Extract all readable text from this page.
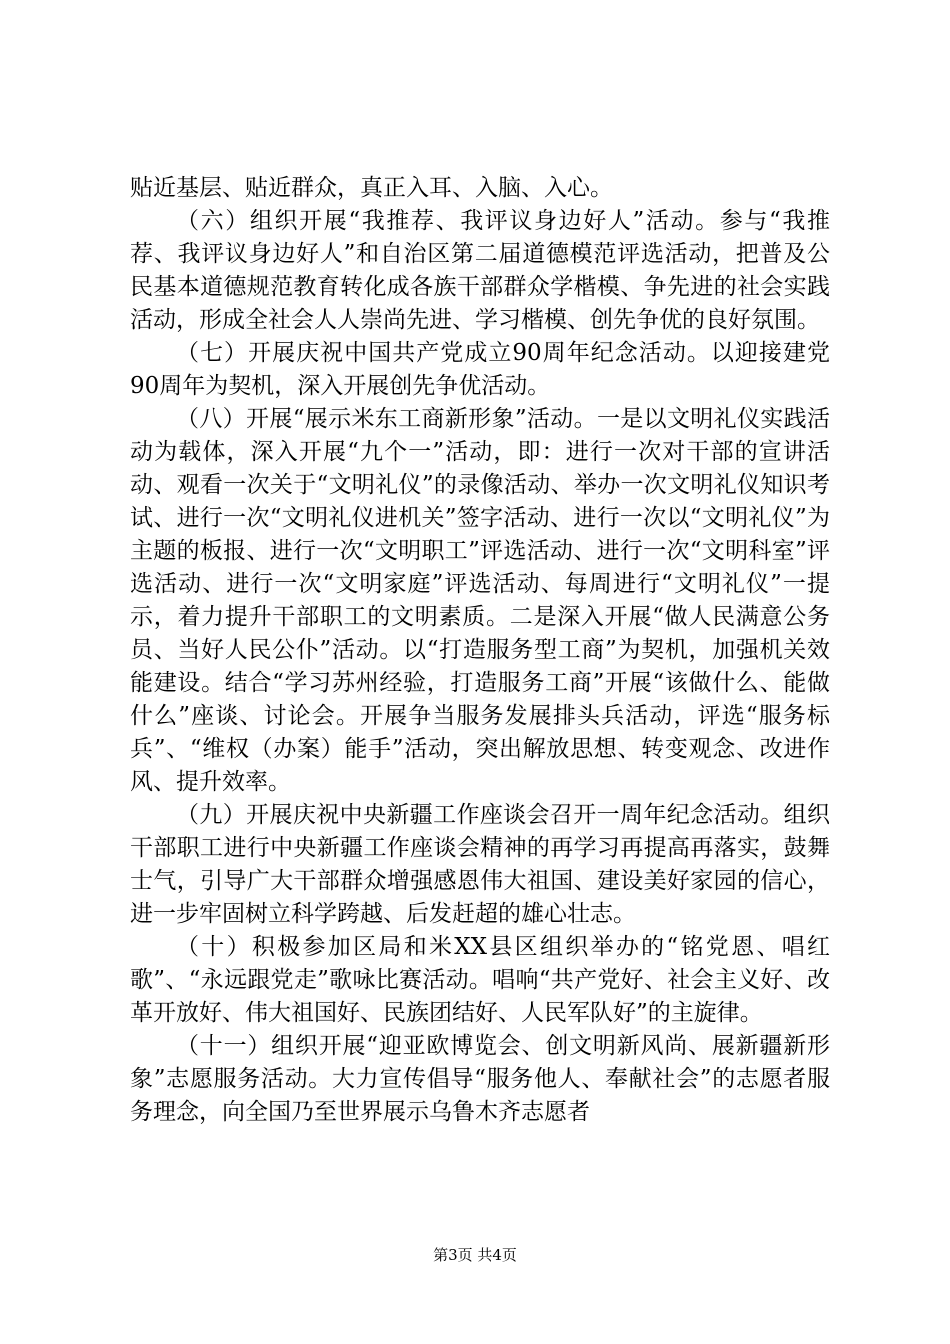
贴近基层、贴近群众，真正入耳、入脑、入心。

（六）组织开展“我推荐、我评议身边好人”活动。参与“我推荐、我评议身边好人”和自治区第二届道德模范评选活动，把普及公民基本道德规范教育转化成各族干部群众学楷模、争先进的社会实践活动，形成全社会人人崇尚先进、学习楷模、创先争优的良好氛围。

（七）开展庆祝中国共产党成立90周年纪念活动。以迎接建党90周年为契机，深入开展创先争优活动。

（八）开展“展示米东工商新形象”活动。一是以文明礼仪实践活动为载体，深入开展“九个一”活动，即：进行一次对干部的宣讲活动、观看一次关于“文明礼仪”的录像活动、举办一次文明礼仪知识考试、进行一次“文明礼仪进机关”签字活动、进行一次以“文明礼仪”为主题的板报、进行一次“文明职工”评选活动、进行一次“文明科室”评选活动、进行一次“文明家庭”评选活动、每周进行“文明礼仪”一提示，着力提升干部职工的文明素质。二是深入开展“做人民满意公务员、当好人民公仆”活动。以“打造服务型工商”为契机，加强机关效能建设。结合“学习苏州经验，打造服务工商”开展“该做什么、能做什么”座谈、讨论会。开展争当服务发展排头兵活动，评选“服务标兵”、“维权（办案）能手”活动，突出解放思想、转变观念、改进作风、提升效率。

（九）开展庆祝中央新疆工作座谈会召开一周年纪念活动。组织干部职工进行中央新疆工作座谈会精神的再学习再提高再落实，鼓舞士气，引导广大干部群众增强感恩伟大祖国、建设美好家园的信心，进一步牢固树立科学跨越、后发赶超的雄心壮志。

（十）积极参加区局和米XX县区组织举办的“铭党恩、唱红歌”、“永远跟党走”歌咏比赛活动。唱响“共产党好、社会主义好、改革开放好、伟大祖国好、民族团结好、人民军队好”的主旋律。

（十一）组织开展“迎亚欧博览会、创文明新风尚、展新疆新形象”志愿服务活动。大力宣传倡导“服务他人、奉献社会”的志愿者服务理念，向全国乃至世界展示乌鲁木齐志愿者

第3页 共4页
